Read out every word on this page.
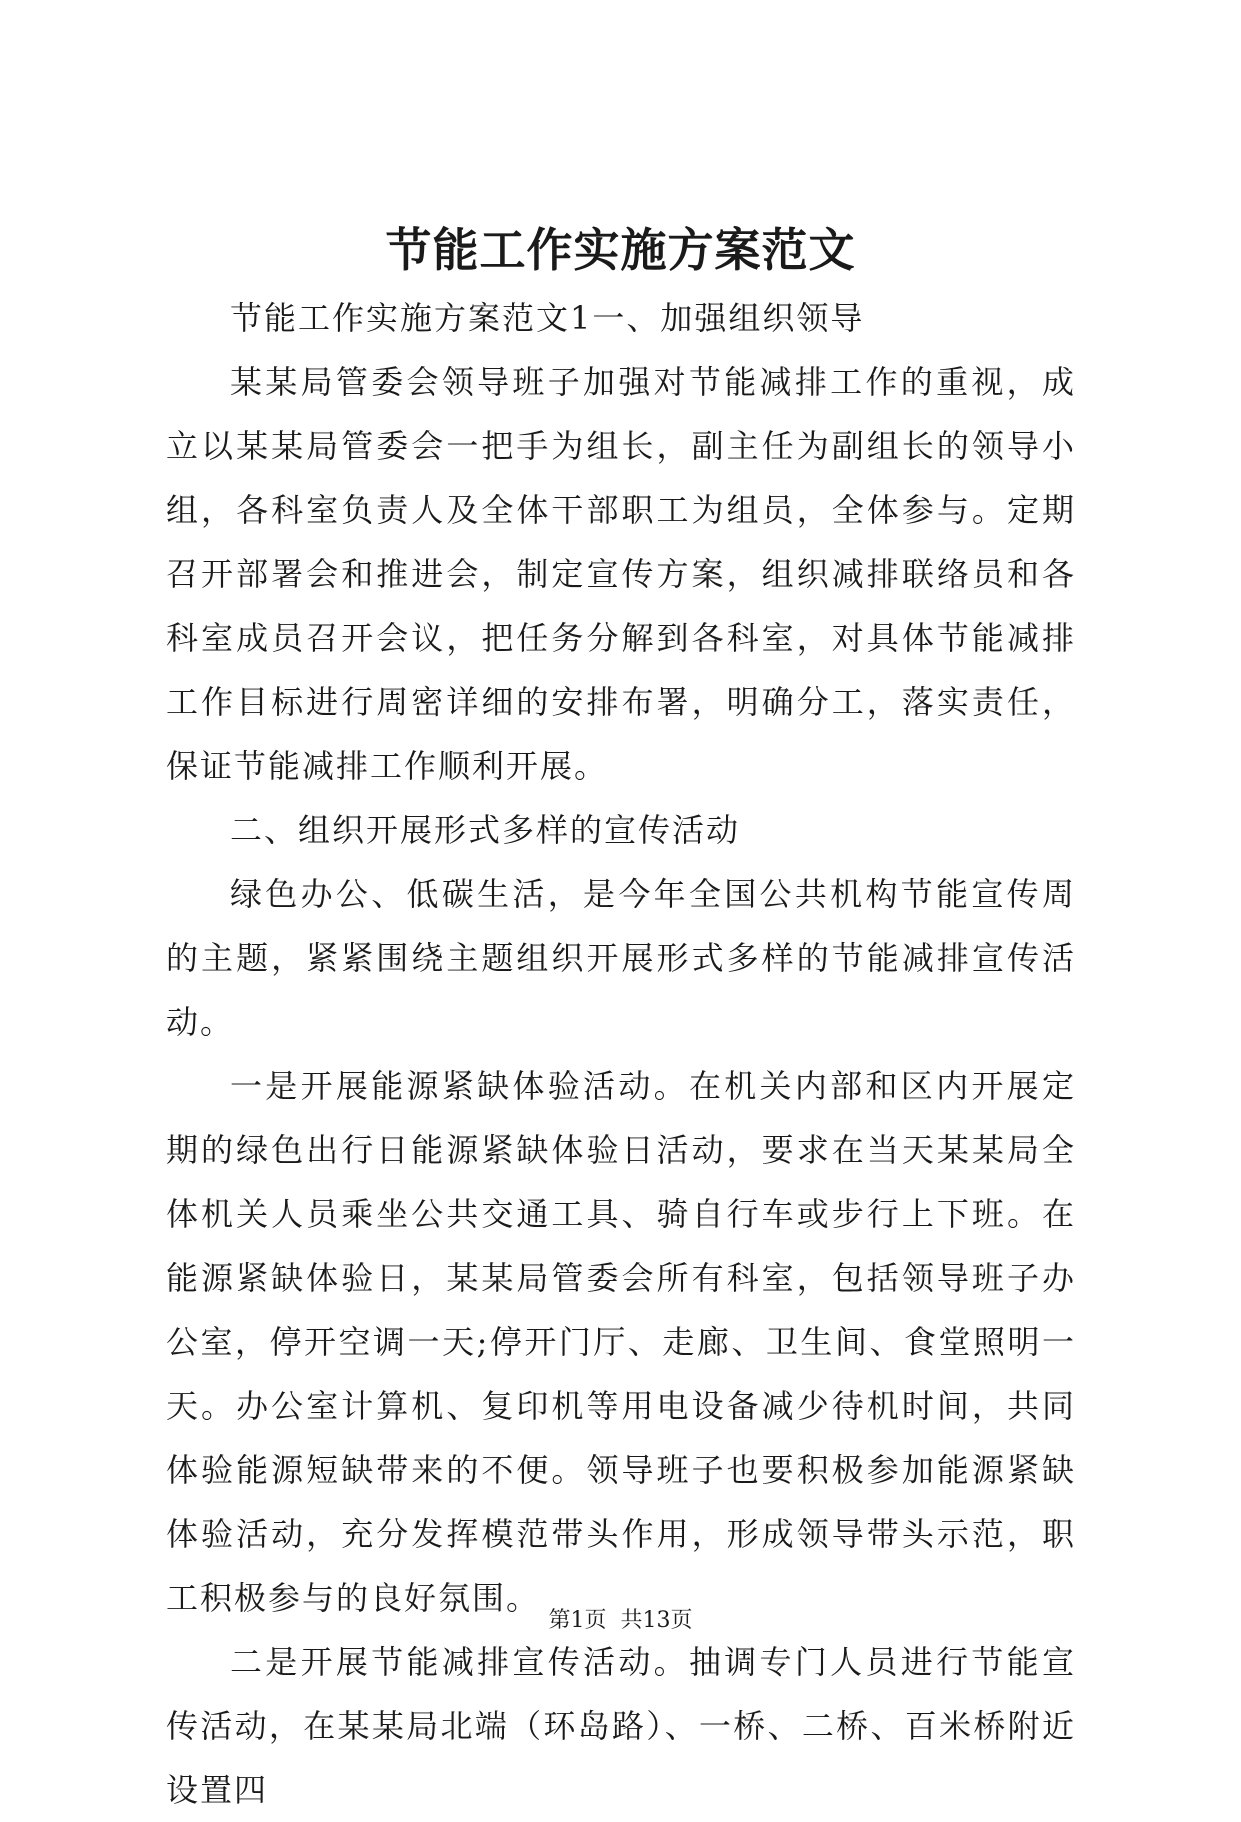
节能工作实施方案范文

节能工作实施方案范文1一、加强组织领导

某某局管委会领导班子加强对节能减排工作的重视，成立以某某局管委会一把手为组长，副主任为副组长的领导小组，各科室负责人及全体干部职工为组员，全体参与。定期召开部署会和推进会，制定宣传方案，组织减排联络员和各科室成员召开会议，把任务分解到各科室，对具体节能减排工作目标进行周密详细的安排布署，明确分工，落实责任，保证节能减排工作顺利开展。

二、组织开展形式多样的宣传活动

绿色办公、低碳生活，是今年全国公共机构节能宣传周的主题，紧紧围绕主题组织开展形式多样的节能减排宣传活动。

一是开展能源紧缺体验活动。在机关内部和区内开展定期的绿色出行日能源紧缺体验日活动，要求在当天某某局全体机关人员乘坐公共交通工具、骑自行车或步行上下班。在能源紧缺体验日，某某局管委会所有科室，包括领导班子办公室，停开空调一天;停开门厅、走廊、卫生间、食堂照明一天。办公室计算机、复印机等用电设备减少待机时间，共同体验能源短缺带来的不便。领导班子也要积极参加能源紧缺体验活动，充分发挥模范带头作用，形成领导带头示范，职工积极参与的良好氛围。

二是开展节能减排宣传活动。抽调专门人员进行节能宣传活动，在某某局北端（环岛路）、一桥、二桥、百米桥附近设置四

第1页  共13页
